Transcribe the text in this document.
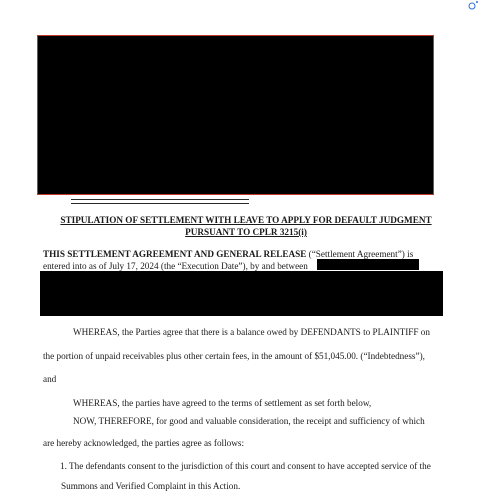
STIPULATION OF SETTLEMENT WITH LEAVE TO APPLY FOR DEFAULT JUDGMENT
PURSUANT TO CPLR 3215(i)
THIS SETTLEMENT AGREEMENT AND GENERAL RELEASE (“Settlement Agreement”) is
entered into as of July 17, 2024 (the “Execution Date”), by and between
WHEREAS, the Parties agree that there is a balance owed by DEFENDANTS to PLAINTIFF on
the portion of unpaid receivables plus other certain fees, in the amount of $51,045.00. (“Indebtedness”),
and
WHEREAS, the parties have agreed to the terms of settlement as set forth below,
NOW, THEREFORE, for good and valuable consideration, the receipt and sufficiency of which
are hereby acknowledged, the parties agree as follows:
1. The defendants consent to the jurisdiction of this court and consent to have accepted service of the
Summons and Verified Complaint in this Action.
